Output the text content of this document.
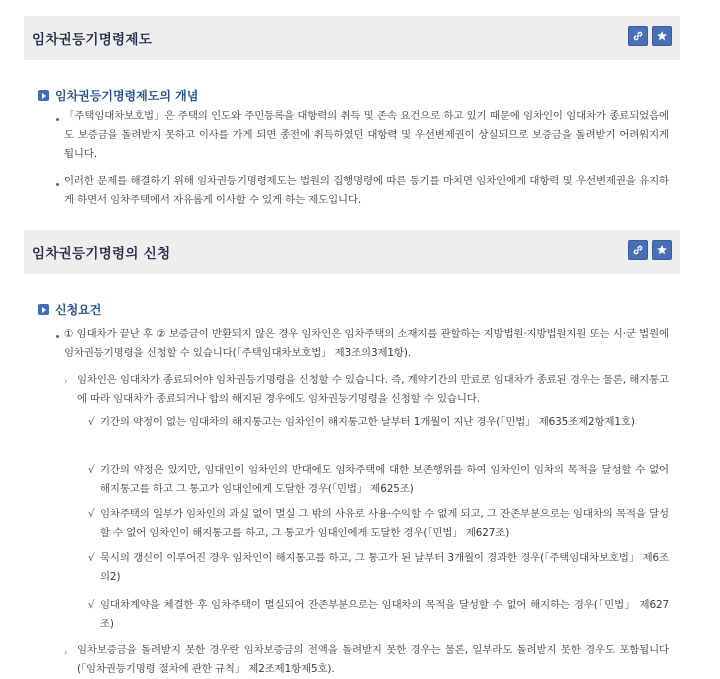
임차권등기명령제도
임차권등기명령제도의 개념

「주택임대차보호법」은 주택의 인도와 주민등록을 대항력의 취득 및 존속 요건으로 하고 있기 때문에 임차인이 임대차가 종료되었음에도 보증금을 돌려받지 못하고 이사를 가게 되면 종전에 취득하였던 대항력 및 우선변제권이 상실되므로 보증금을 돌려받기 어려워지게 됩니다.

이러한 문제를 해결하기 위해 임차권등기명령제도는 법원의 집행명령에 따른 등기를 마치면 임차인에게 대항력 및 우선변제권을 유지하게 하면서 임차주택에서 자유롭게 이사할 수 있게 하는 제도입니다.

임차권등기명령의 신청
신청요건

① 임대차가 끝난 후 ② 보증금이 반환되지 않은 경우 임차인은 임차주택의 소재지를 관할하는 지방법원·지방법원지원 또는 시·군 법원에 임차권등기명령을 신청할 수 있습니다(「주택임대차보호법」 제3조의3제1항).

› 임차인은 임대차가 종료되어야 임차권등기명령을 신청할 수 있습니다. 즉, 계약기간의 만료로 임대차가 종료된 경우는 물론, 해지통고에 따라 임대차가 종료되거나 합의 해지된 경우에도 임차권등기명령을 신청할 수 있습니다.

√ 기간의 약정이 없는 임대차의 해지통고는 임차인이 해지통고한 날부터 1개월이 지난 경우(「민법」 제635조제2항제1호)

√ 기간의 약정은 있지만, 임대인이 임차인의 반대에도 임차주택에 대한 보존행위를 하여 임차인이 임차의 목적을 달성할 수 없어 해지통고를 하고 그 통고가 임대인에게 도달한 경우(「민법」 제625조)

√ 임차주택의 일부가 임차인의 과실 없이 멸실 그 밖의 사유로 사용·수익할 수 없게 되고, 그 잔존부분으로는 임대차의 목적을 달성할 수 없어 임차인이 해지통고를 하고, 그 통고가 임대인에게 도달한 경우(「민법」 제627조)

√ 묵시의 갱신이 이루어진 경우 임차인이 해지통고를 하고, 그 통고가 된 날부터 3개월이 경과한 경우(「주택임대차보호법」 제6조의2)

√ 임대차계약을 체결한 후 임차주택이 멸실되어 잔존부분으로는 임대차의 목적을 달성할 수 없어 해지하는 경우(「민법」 제627조)

› 임차보증금을 돌려받지 못한 경우란 임차보증금의 전액을 돌려받지 못한 경우는 물론, 일부라도 돌려받지 못한 경우도 포함됩니다(「임차권등기명령 절차에 관한 규칙」 제2조제1항제5호).
